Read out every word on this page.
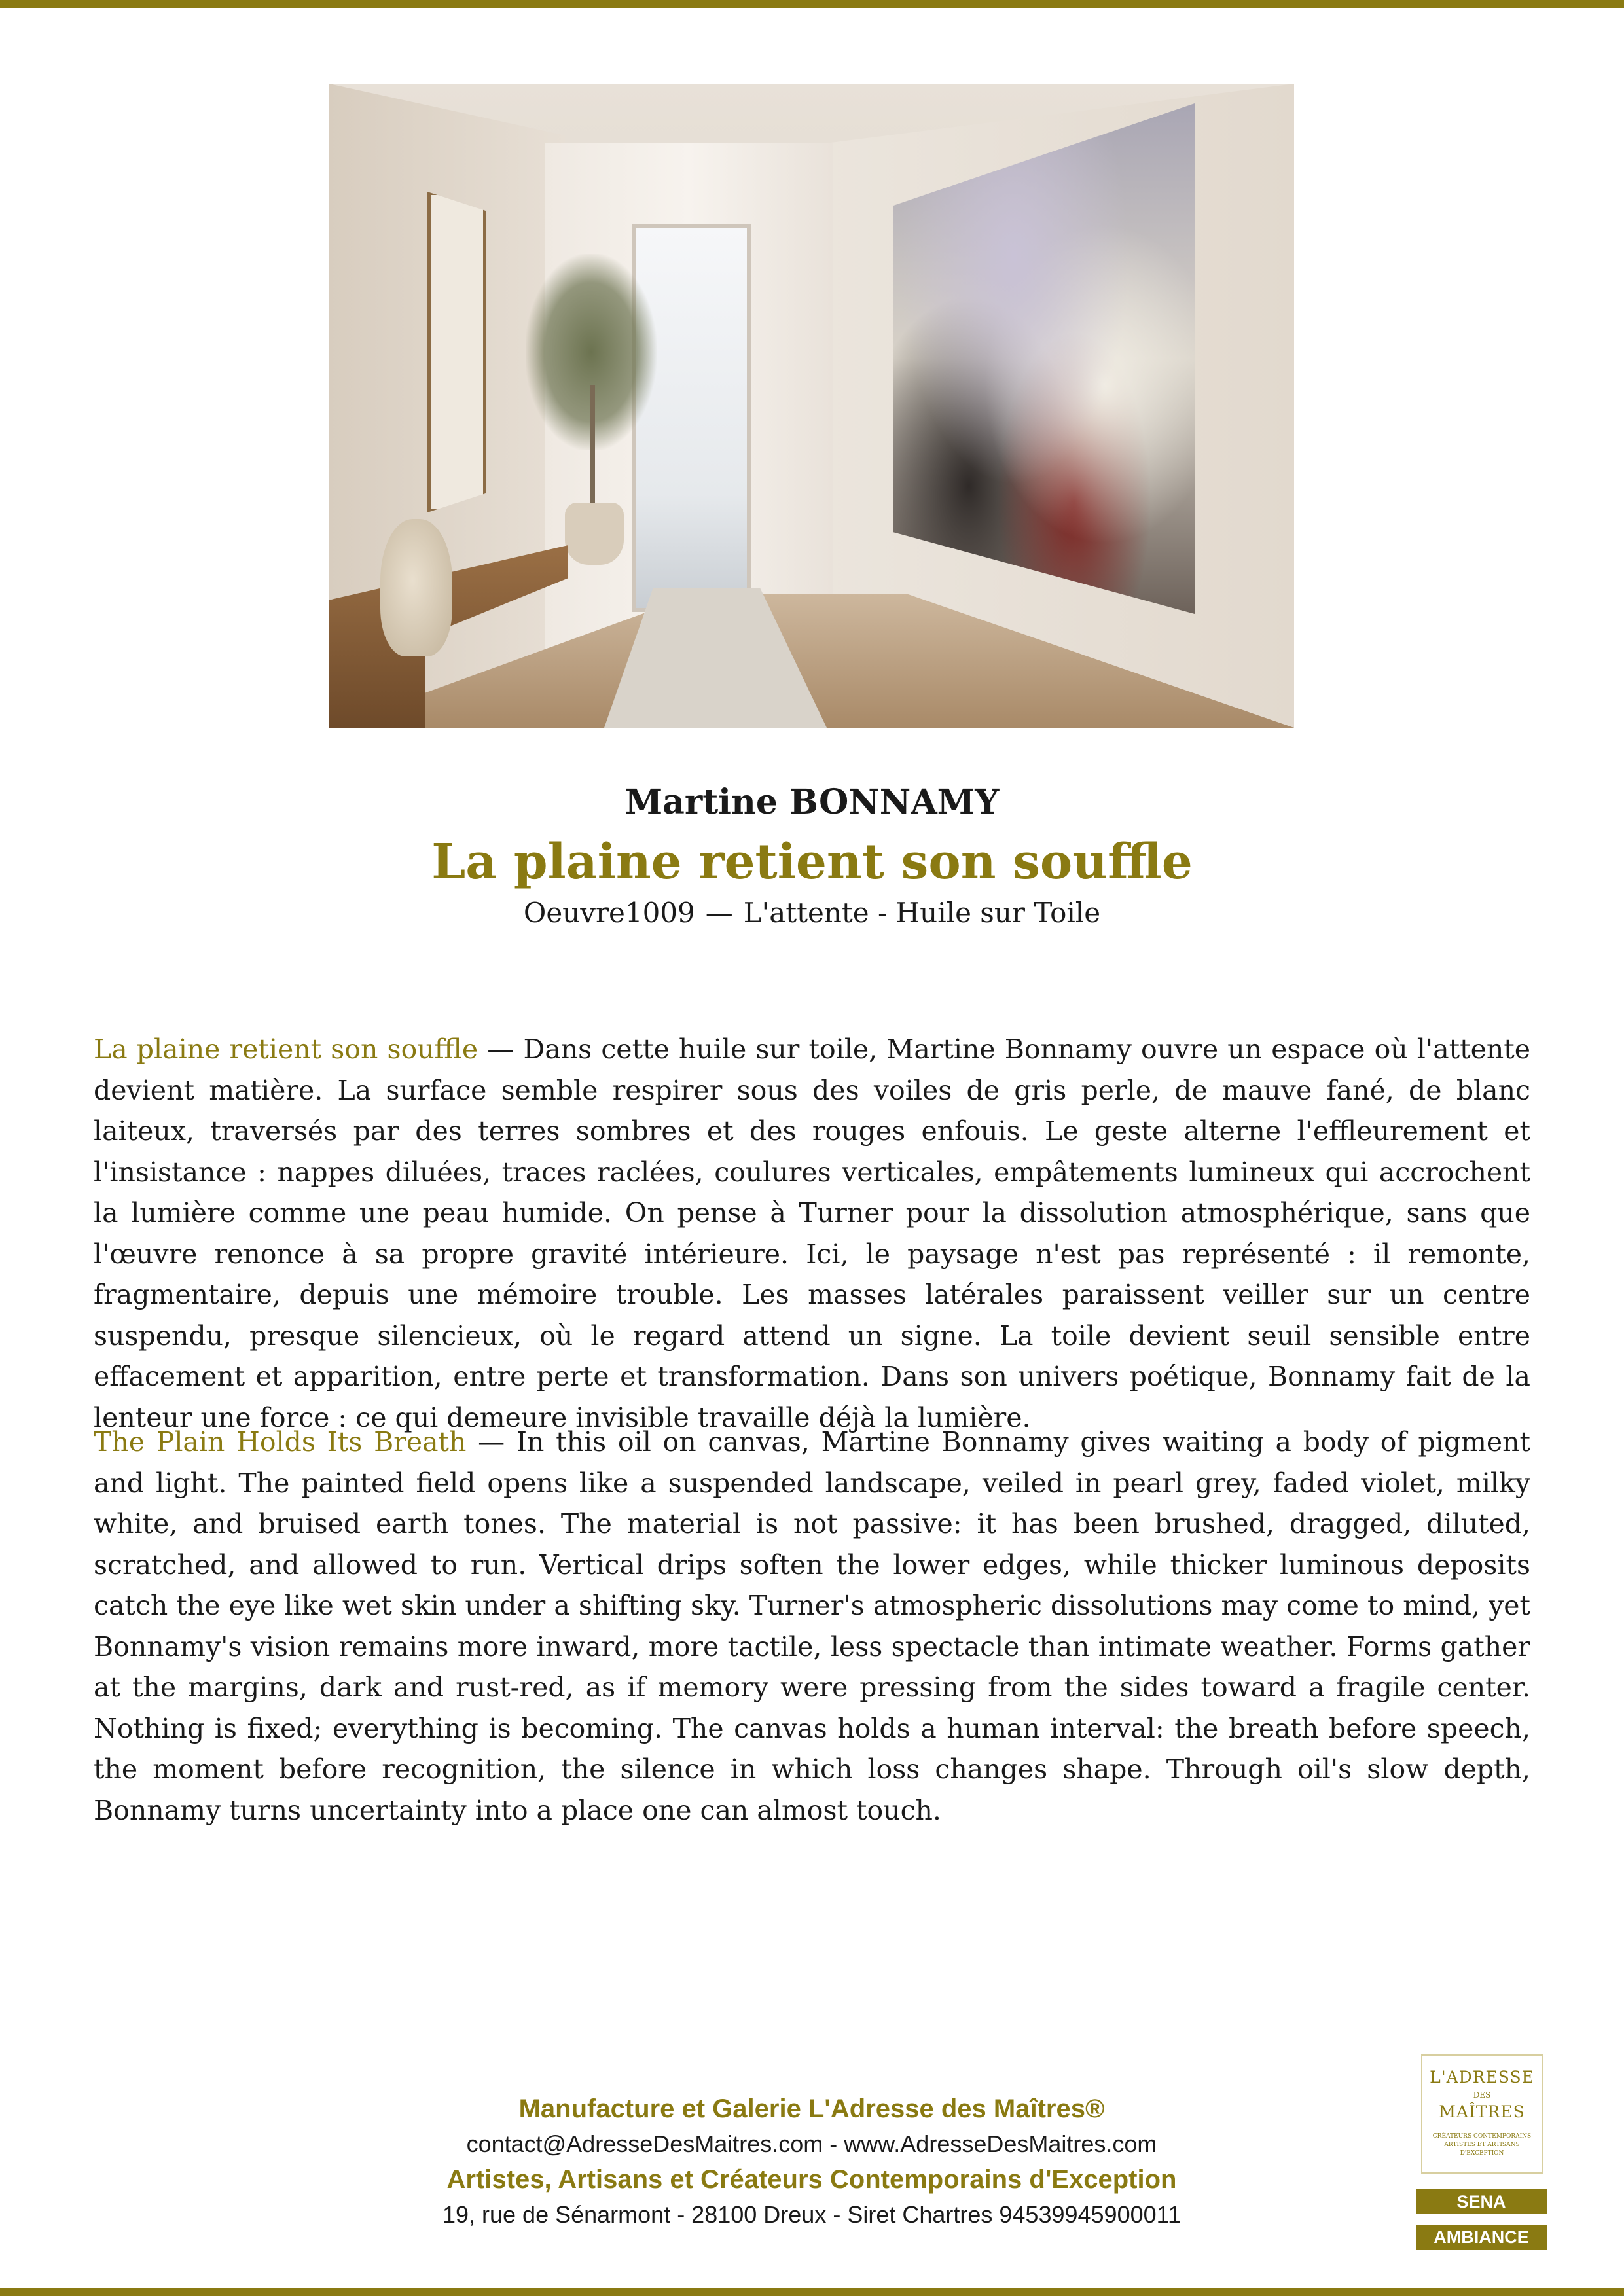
Martine BONNAMY
La plaine retient son souffle
Oeuvre1009 — L'attente - Huile sur Toile

La plaine retient son souffle — Dans cette huile sur toile, Martine Bonnamy ouvre un espace où l'attente devient matière. La surface semble respirer sous des voiles de gris perle, de mauve fané, de blanc laiteux, traversés par des terres sombres et des rouges enfouis. Le geste alterne l'effleurement et l'insistance : nappes diluées, traces raclées, coulures verticales, empâtements lumineux qui accrochent la lumière comme une peau humide. On pense à Turner pour la dissolution atmosphérique, sans que l'œuvre renonce à sa propre gravité intérieure. Ici, le paysage n'est pas représenté : il remonte, fragmentaire, depuis une mémoire trouble. Les masses latérales paraissent veiller sur un centre suspendu, presque silencieux, où le regard attend un signe. La toile devient seuil sensible entre effacement et apparition, entre perte et transformation. Dans son univers poétique, Bonnamy fait de la lenteur une force : ce qui demeure invisible travaille déjà la lumière.

The Plain Holds Its Breath — In this oil on canvas, Martine Bonnamy gives waiting a body of pigment and light. The painted field opens like a suspended landscape, veiled in pearl grey, faded violet, milky white, and bruised earth tones. The material is not passive: it has been brushed, dragged, diluted, scratched, and allowed to run. Vertical drips soften the lower edges, while thicker luminous deposits catch the eye like wet skin under a shifting sky. Turner's atmospheric dissolutions may come to mind, yet Bonnamy's vision remains more inward, more tactile, less spectacle than intimate weather. Forms gather at the margins, dark and rust-red, as if memory were pressing from the sides toward a fragile center. Nothing is fixed; everything is becoming. The canvas holds a human interval: the breath before speech, the moment before recognition, the silence in which loss changes shape. Through oil's slow depth, Bonnamy turns uncertainty into a place one can almost touch.

Manufacture et Galerie L'Adresse des Maîtres®
contact@AdresseDesMaitres.com - www.AdresseDesMaitres.com
Artistes, Artisans et Créateurs Contemporains d'Exception
19, rue de Sénarmont - 28100 Dreux - Siret Chartres 94539945900011
L'ADRESSE
DES
MAÎTRES
CRÉATEURS CONTEMPORAINS ARTISTES ET ARTISANS D'EXCEPTION
SENA
AMBIANCE
